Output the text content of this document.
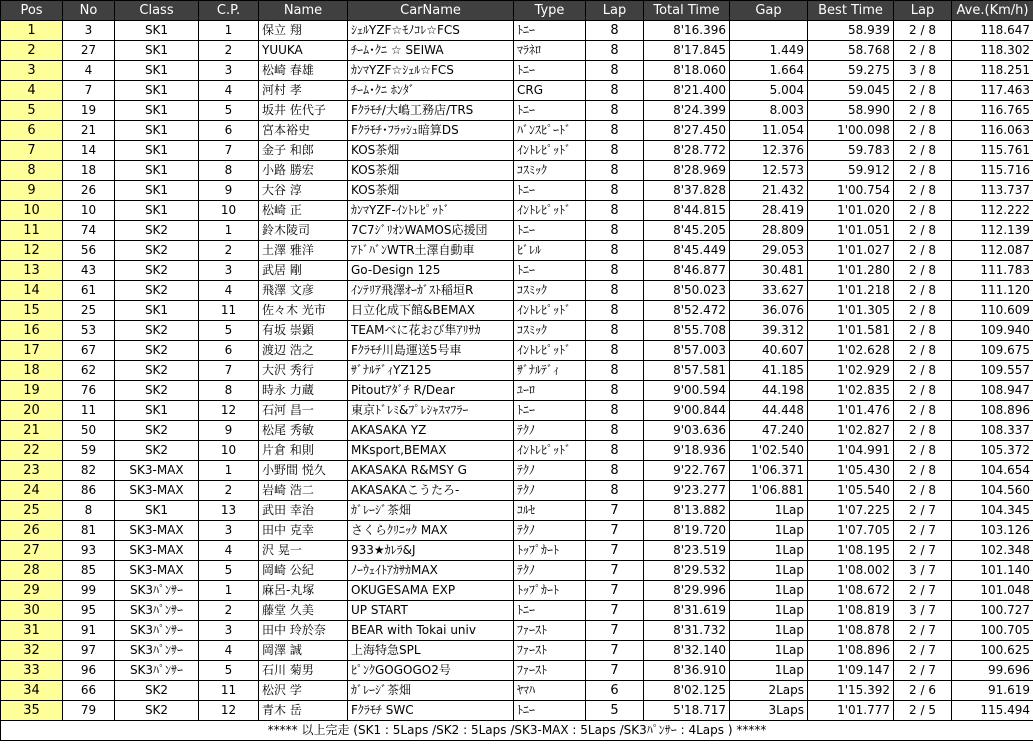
Pos	No	Class	C.P.	Name	CarName	Type	Lap	Total Time	Gap	Best Time	Lap	Ave.(Km/h)
1	3	SK1	1	保立 翔	ｼｪﾙYZF☆ﾓﾉｺﾚ☆FCS	ﾄﾆｰ	8	8'16.396		58.939	2 / 8	118.647
2	27	SK1	2	YUUKA	ﾁｰﾑ･ｸﾆ ☆ SEIWA	ﾏﾗﾈﾛ	8	8'17.845	1.449	58.768	2 / 8	118.302
3	4	SK1	3	松崎 春雄	ｶﾝﾏYZF☆ｼｪﾙ☆FCS	ﾄﾆｰ	8	8'18.060	1.664	59.275	3 / 8	118.251
4	7	SK1	4	河村 孝	ﾁｰﾑ･ｸﾆ ﾎﾝﾀﾞ	CRG	8	8'21.400	5.004	59.045	2 / 8	117.463
5	19	SK1	5	坂井 佐代子	Fｸﾗﾓﾁ/大嶋工務店/TRS	ﾄﾆｰ	8	8'24.399	8.003	58.990	2 / 8	116.765
6	21	SK1	6	宮本裕史	Fｸﾗﾓﾁ･ﾌﾗｯｼｭ暗算DS	ﾊﾞﾝｽﾋﾟｰﾄﾞ	8	8'27.450	11.054	1'00.098	2 / 8	116.063
7	14	SK1	7	金子 和郎	KOS茶畑	ｲﾝﾄﾚﾋﾟｯﾄﾞ	8	8'28.772	12.376	59.783	2 / 8	115.761
8	18	SK1	8	小路 勝宏	KOS茶畑	ｺｽﾐｯｸ	8	8'28.969	12.573	59.912	2 / 8	115.716
9	26	SK1	9	大谷 淳	KOS茶畑	ﾄﾆｰ	8	8'37.828	21.432	1'00.754	2 / 8	113.737
10	10	SK1	10	松崎 正	ｶﾝﾏYZF-ｲﾝﾄﾚﾋﾟｯﾄﾞ	ｲﾝﾄﾚﾋﾟｯﾄﾞ	8	8'44.815	28.419	1'01.020	2 / 8	112.222
11	74	SK2	1	鈴木陵司	7C7ｼﾞﾘｵﾝWAMOS応援団	ﾄﾆｰ	8	8'45.205	28.809	1'01.051	2 / 8	112.139
12	56	SK2	2	土澤 雅洋	ｱﾄﾞﾊﾞﾝWTR土澤自動車	ﾋﾞﾚﾙ	8	8'45.449	29.053	1'01.027	2 / 8	112.087
13	43	SK2	3	武居 剛	Go-Design 125	ﾄﾆｰ	8	8'46.877	30.481	1'01.280	2 / 8	111.783
14	61	SK2	4	飛澤 文彦	ｲﾝﾃﾘｱ飛澤ｵｰｶﾞｽﾄ稲垣R	ｺｽﾐｯｸ	8	8'50.023	33.627	1'01.218	2 / 8	111.120
15	25	SK1	11	佐々木 光市	日立化成下館&BEMAX	ｲﾝﾄﾚﾋﾟｯﾄﾞ	8	8'52.472	36.076	1'01.305	2 / 8	110.609
16	53	SK2	5	有坂 崇顕	TEAMべに花おび隼ｱﾘｻｶ	ｺｽﾐｯｸ	8	8'55.708	39.312	1'01.581	2 / 8	109.940
17	67	SK2	6	渡辺 浩之	Fｸﾗﾓﾁ川島運送5号車	ｲﾝﾄﾚﾋﾟｯﾄﾞ	8	8'57.003	40.607	1'02.628	2 / 8	109.675
18	62	SK2	7	大沢 秀行	ｻﾞﾅﾙﾃﾞｨYZ125	ｻﾞﾅﾙﾃﾞｨ	8	8'57.581	41.185	1'02.929	2 / 8	109.557
19	76	SK2	8	時永 力蔵	Pitoutｱﾀﾞﾁ R/Dear	ﾕｰﾛ	8	9'00.594	44.198	1'02.835	2 / 8	108.947
20	11	SK1	12	石河 昌一	東京ﾄﾞﾚﾐ&ﾌﾟﾚｼｬｽﾏﾌﾗｰ	ﾄﾆｰ	8	9'00.844	44.448	1'01.476	2 / 8	108.896
21	50	SK2	9	松尾 秀敏	AKASAKA YZ	ﾃｸﾉ	8	9'03.636	47.240	1'02.827	2 / 8	108.337
22	59	SK2	10	片倉 和則	MKsport,BEMAX	ｲﾝﾄﾚﾋﾟｯﾄﾞ	8	9'18.936	1'02.540	1'04.991	2 / 8	105.372
23	82	SK3-MAX	1	小野間 悦久	AKASAKA R&MSY G	ﾃｸﾉ	8	9'22.767	1'06.371	1'05.430	2 / 8	104.654
24	86	SK3-MAX	2	岩崎 浩二	AKASAKAこうたろ-	ﾃｸﾉ	8	9'23.277	1'06.881	1'05.540	2 / 8	104.560
25	8	SK1	13	武田 幸治	ｶﾞﾚｰｼﾞ茶畑	ｺﾙｾ	7	8'13.882	1Lap	1'07.225	2 / 7	104.345
26	81	SK3-MAX	3	田中 克幸	さくらｸﾘﾆｯｸ MAX	ﾃｸﾉ	7	8'19.720	1Lap	1'07.705	2 / 7	103.126
27	93	SK3-MAX	4	沢 晃一	933★ｶﾚﾗ&J	ﾄｯﾌﾟｶｰﾄ	7	8'23.519	1Lap	1'08.195	2 / 7	102.348
28	85	SK3-MAX	5	岡崎 公紀	ﾉｰｳｪｲﾄｱｶｻｶMAX	ﾃｸﾉ	7	8'29.532	1Lap	1'08.002	3 / 7	101.140
29	99	SK3ﾊﾟﾝｻｰ	1	麻呂-丸塚	OKUGESAMA EXP	ﾄｯﾌﾟｶｰﾄ	7	8'29.996	1Lap	1'08.672	2 / 7	101.048
30	95	SK3ﾊﾟﾝｻｰ	2	藤堂 久美	UP START	ﾄﾆｰ	7	8'31.619	1Lap	1'08.819	3 / 7	100.727
31	91	SK3ﾊﾟﾝｻｰ	3	田中 玲於奈	BEAR with Tokai univ	ﾌｧｰｽﾄ	7	8'31.732	1Lap	1'08.878	2 / 7	100.705
32	97	SK3ﾊﾟﾝｻｰ	4	岡澤 誠	上海特急SPL	ﾌｧｰｽﾄ	7	8'32.140	1Lap	1'08.896	2 / 7	100.625
33	96	SK3ﾊﾟﾝｻｰ	5	石川 菊男	ﾋﾟﾝｸGOGOGO2号	ﾌｧｰｽﾄ	7	8'36.910	1Lap	1'09.147	2 / 7	99.696
34	66	SK2	11	松沢 学	ｶﾞﾚｰｼﾞ茶畑	ﾔﾏﾊ	6	8'02.125	2Laps	1'15.392	2 / 6	91.619
35	79	SK2	12	青木 岳	Fｸﾗﾓﾁ SWC	ﾄﾆｰ	5	5'18.717	3Laps	1'01.777	2 / 5	115.494
***** 以上完走 (SK1 : 5Laps /SK2 : 5Laps /SK3-MAX : 5Laps /SK3ﾊﾟﾝｻｰ : 4Laps ) *****												
